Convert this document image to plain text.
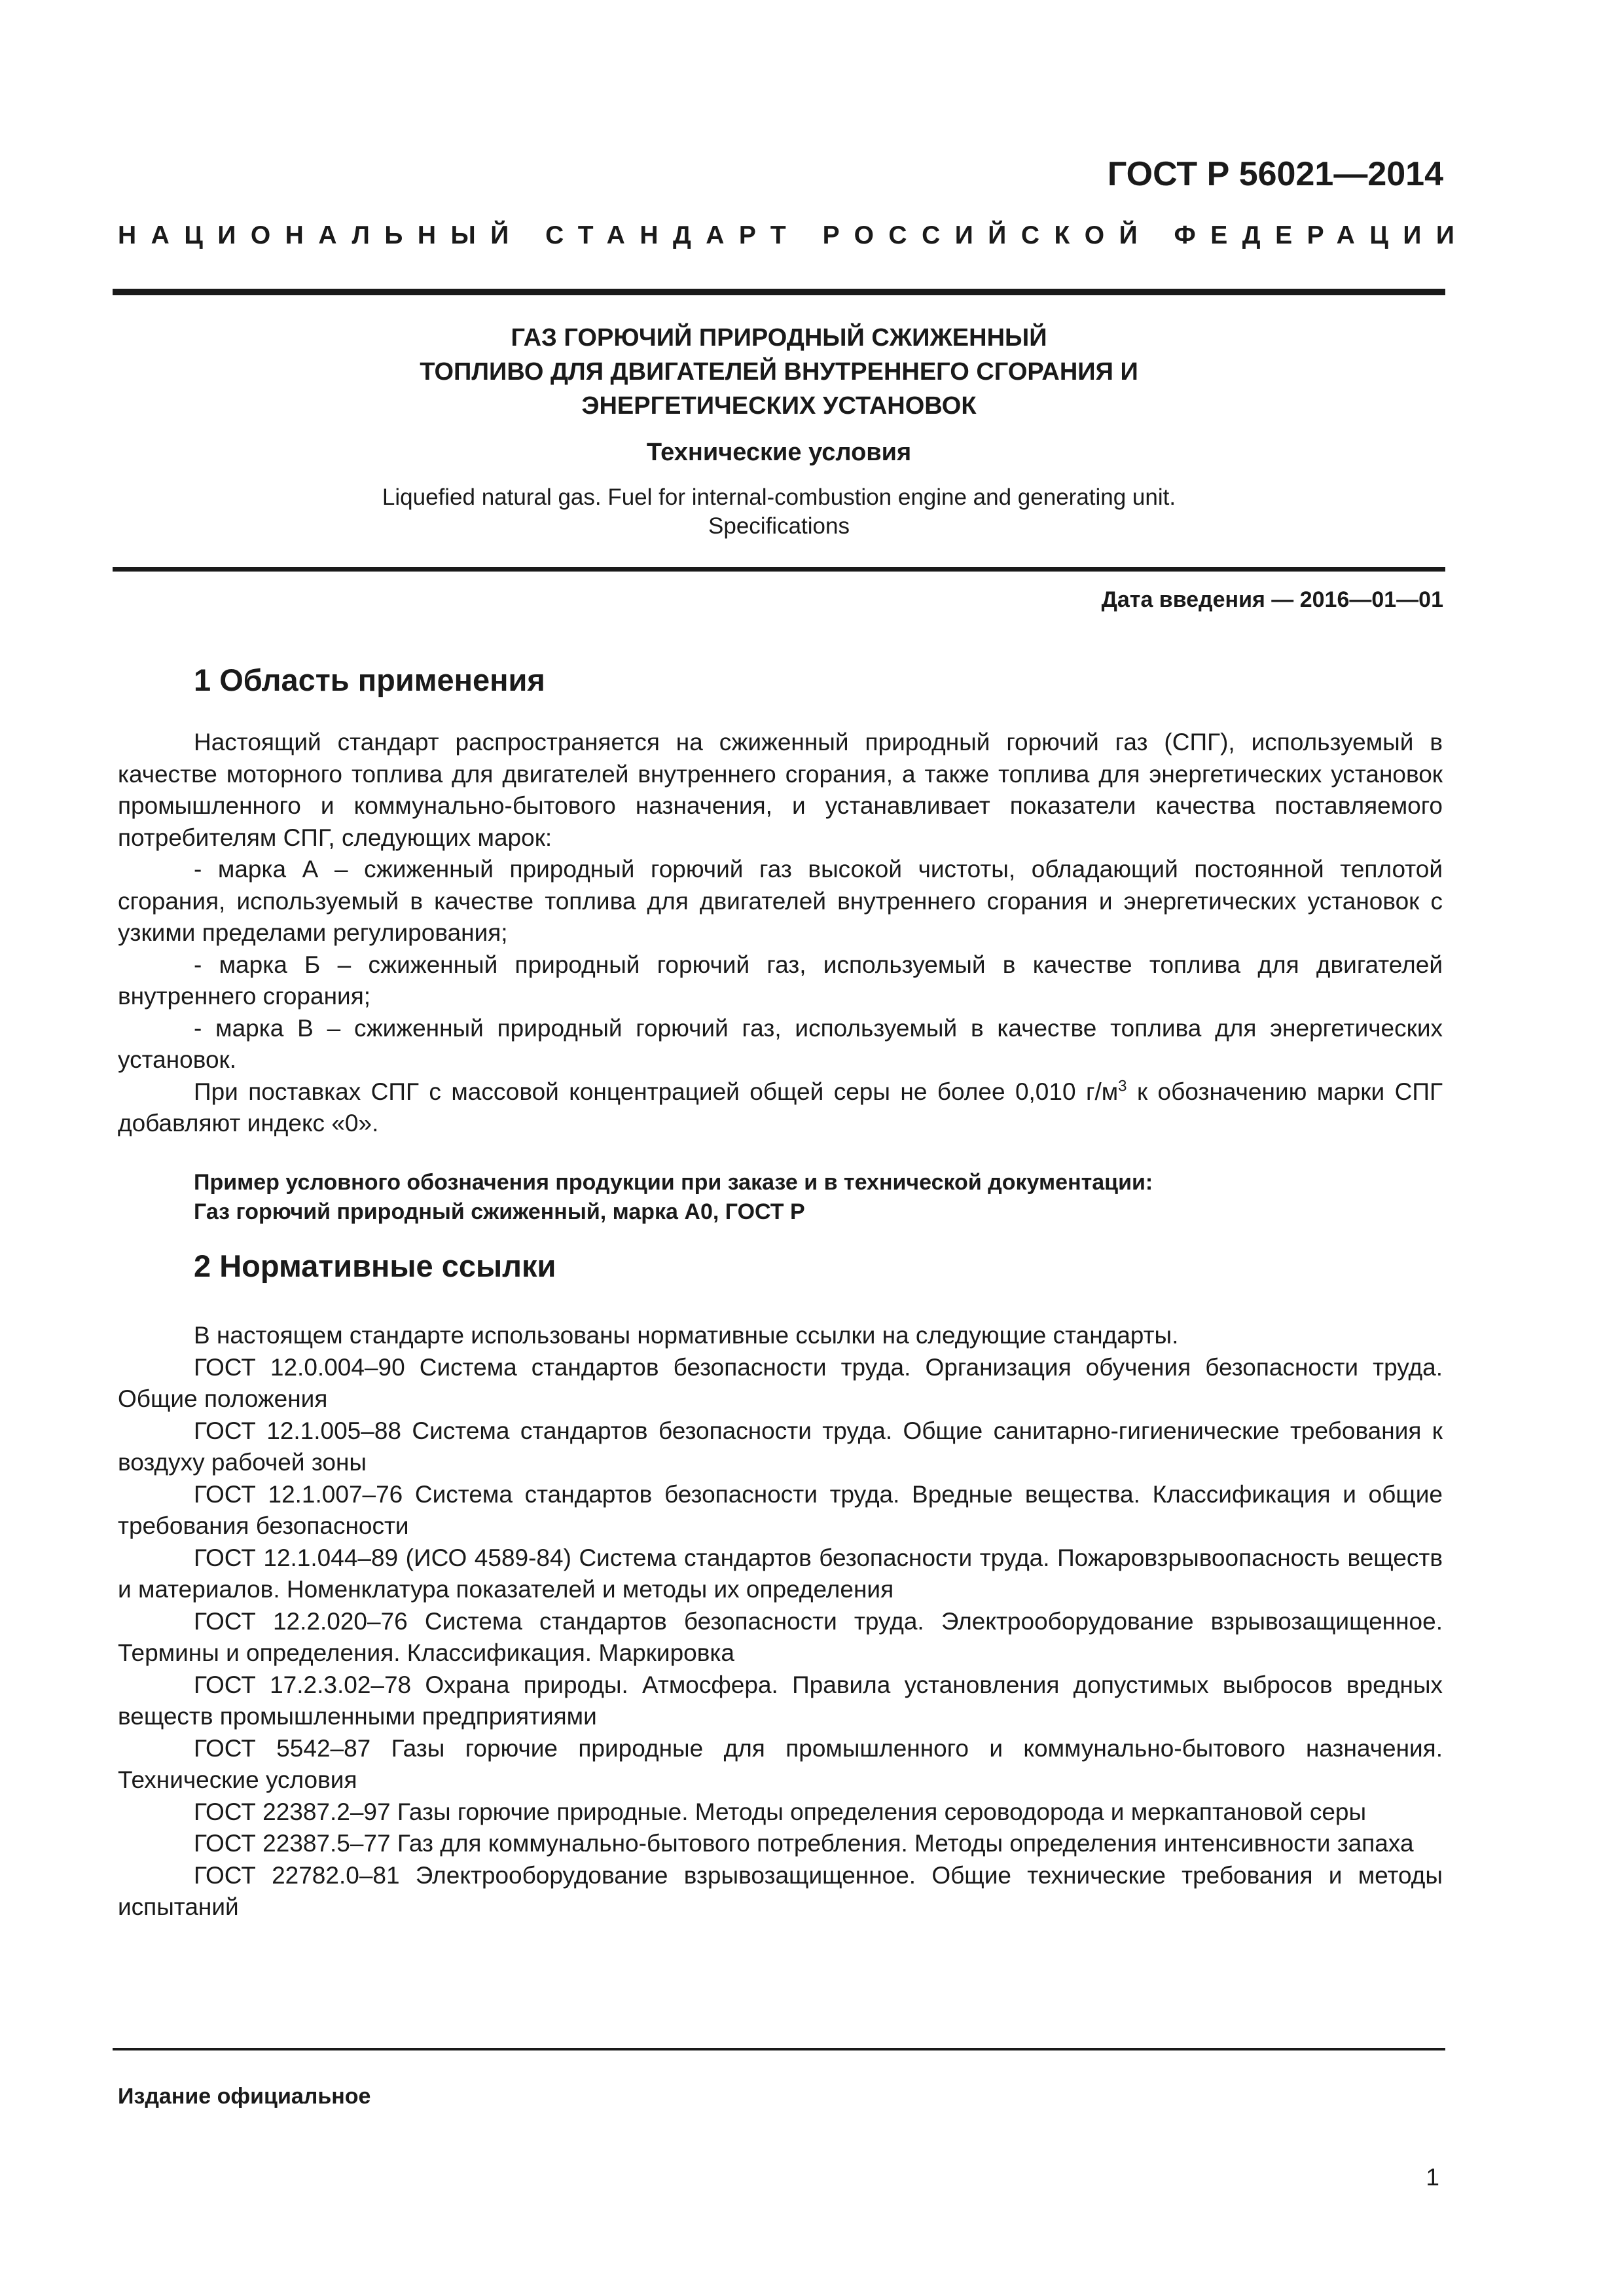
ГОСТ Р 56021—2014
НАЦИОНАЛЬНЫЙ СТАНДАРТ РОССИЙСКОЙ ФЕДЕРАЦИИ
ГАЗ ГОРЮЧИЙ ПРИРОДНЫЙ СЖИЖЕННЫЙ
ТОПЛИВО ДЛЯ ДВИГАТЕЛЕЙ ВНУТРЕННЕГО СГОРАНИЯ И
ЭНЕРГЕТИЧЕСКИХ УСТАНОВОК
Технические условия
Liquefied natural gas. Fuel for internal-combustion engine and generating unit.
Specifications
Дата введения — 2016—01—01
1 Область применения

Настоящий стандарт распространяется на сжиженный природный горючий газ (СПГ), используемый в качестве моторного топлива для двигателей внутреннего сгорания, а также топлива для энергетических установок промышленного и коммунально-бытового назначения, и устанавливает показатели качества поставляемого потребителям СПГ, следующих марок:

- марка А – сжиженный природный горючий газ высокой чистоты, обладающий постоянной теплотой сгорания, используемый в качестве топлива для двигателей внутреннего сгорания и энергетических установок с узкими пределами регулирования;

- марка Б – сжиженный природный горючий газ, используемый в качестве топлива для двигателей внутреннего сгорания;

- марка В – сжиженный природный горючий газ, используемый в качестве топлива для энергетических установок.

При поставках СПГ с массовой концентрацией общей серы не более 0,010 $г/м^3$ к обозначению марки СПГ добавляют индекс «0».

Пример условного обозначения продукции при заказе и в технической документации:
Газ горючий природный сжиженный, марка А0, ГОСТ Р
2 Нормативные ссылки

В настоящем стандарте использованы нормативные ссылки на следующие стандарты.

ГОСТ 12.0.004–90 Система стандартов безопасности труда. Организация обучения безопасности труда. Общие положения

ГОСТ 12.1.005–88 Система стандартов безопасности труда. Общие санитарно-гигиенические требования к воздуху рабочей зоны

ГОСТ 12.1.007–76 Система стандартов безопасности труда. Вредные вещества. Классификация и общие требования безопасности

ГОСТ 12.1.044–89 (ИСО 4589-84) Система стандартов безопасности труда. Пожаровзрывоопасность веществ и материалов. Номенклатура показателей и методы их определения

ГОСТ 12.2.020–76 Система стандартов безопасности труда. Электрооборудование взрывозащищенное. Термины и определения. Классификация. Маркировка

ГОСТ 17.2.3.02–78 Охрана природы. Атмосфера. Правила установления допустимых выбросов вредных веществ промышленными предприятиями

ГОСТ 5542–87 Газы горючие природные для промышленного и коммунально-бытового назначения. Технические условия

ГОСТ 22387.2–97 Газы горючие природные. Методы определения сероводорода и меркаптановой серы

ГОСТ 22387.5–77 Газ для коммунально-бытового потребления. Методы определения интенсивности запаха

ГОСТ 22782.0–81 Электрооборудование взрывозащищенное. Общие технические требования и методы испытаний

Издание официальное
1
